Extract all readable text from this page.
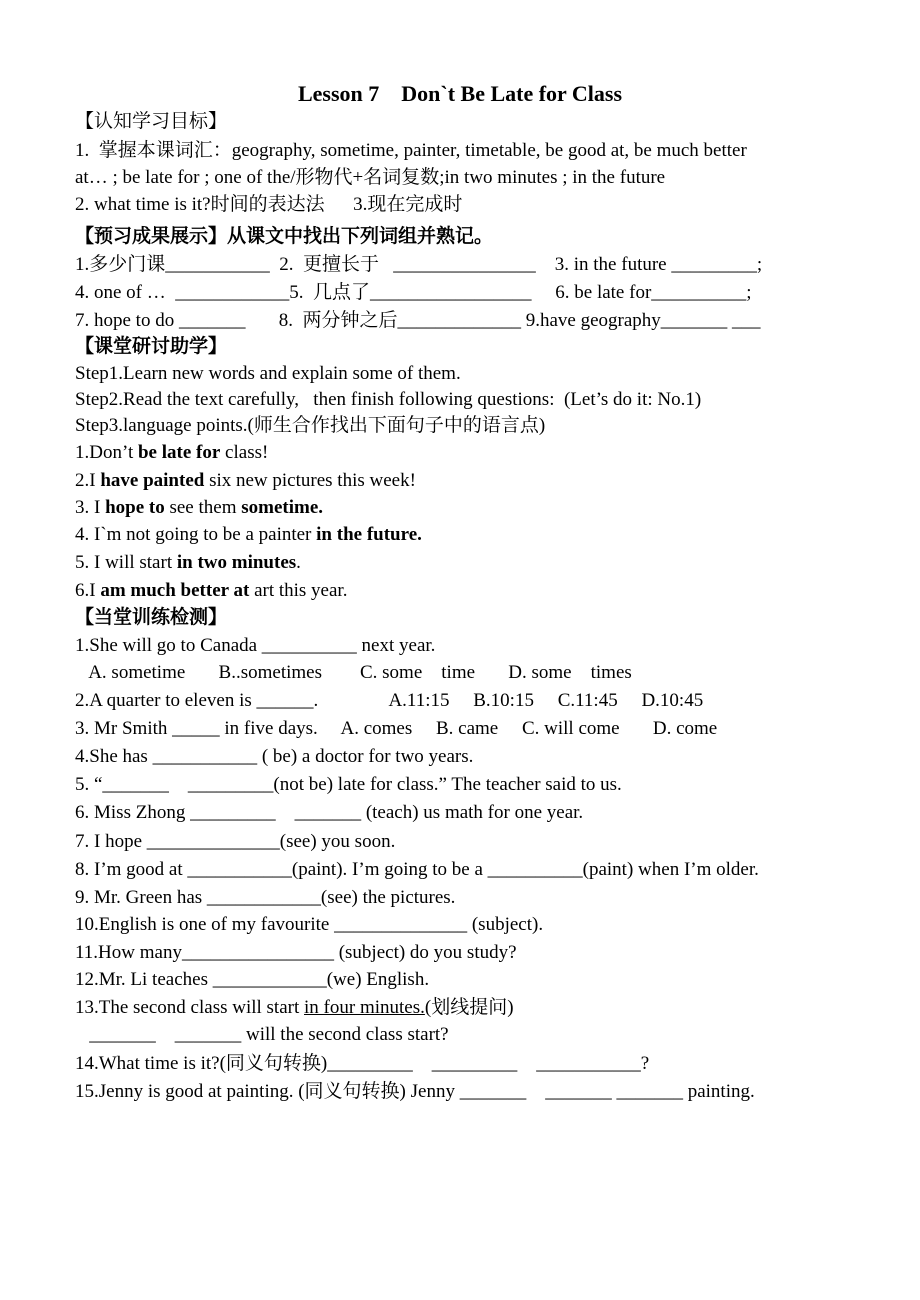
Lesson 7    Don`t Be Late for Class
【认知学习目标】
1.  掌握本课词汇：geography, sometime, painter, timetable, be good at, be much better
at… ; be late for ; one of the/形物代+名词复数;in two minutes ; in the future
2. what time is it?时间的表达法      3.现在完成时
【预习成果展示】从课文中找出下列词组并熟记。
1.多少门课___________  2.  更擅长于   _______________    3. in the future _________;
4. one of …  ____________5.  几点了_________________     6. be late for__________;
7. hope to do _______       8.  两分钟之后_____________ 9.have geography_______ ___
【课堂研讨助学】
Step1.Learn new words and explain some of them.
Step2.Read the text carefully,   then finish following questions:  (Let’s do it: No.1)
Step3.language points.(师生合作找出下面句子中的语言点)
1.Don’t be late for class!
2.I have painted six new pictures this week!
3. I hope to see them sometime.
4. I`m not going to be a painter in the future.
5. I will start in two minutes.
6.I am much better at art this year.
【当堂训练检测】
1.She will go to Canada __________ next year.
A. sometime       B..sometimes        C. some    time       D. some    times
2.A quarter to eleven is ______.               A.11:15     B.10:15     C.11:45     D.10:45
3. Mr Smith _____ in five days.     A. comes     B. came     C. will come       D. come
4.She has ___________ ( be) a doctor for two years.
5. “_______    _________(not be) late for class.” The teacher said to us.
6. Miss Zhong _________    _______ (teach) us math for one year.
7. I hope ______________(see) you soon.
8. I’m good at ___________(paint). I’m going to be a __________(paint) when I’m older.
9. Mr. Green has ____________(see) the pictures.
10.English is one of my favourite ______________ (subject).
11.How many________________ (subject) do you study?
12.Mr. Li teaches ____________(we) English.
13.The second class will start in four minutes.(划线提问)
_______    _______ will the second class start?
14.What time is it?(同义句转换)_________    _________    ___________?
15.Jenny is good at painting. (同义句转换) Jenny _______    _______ _______ painting.
